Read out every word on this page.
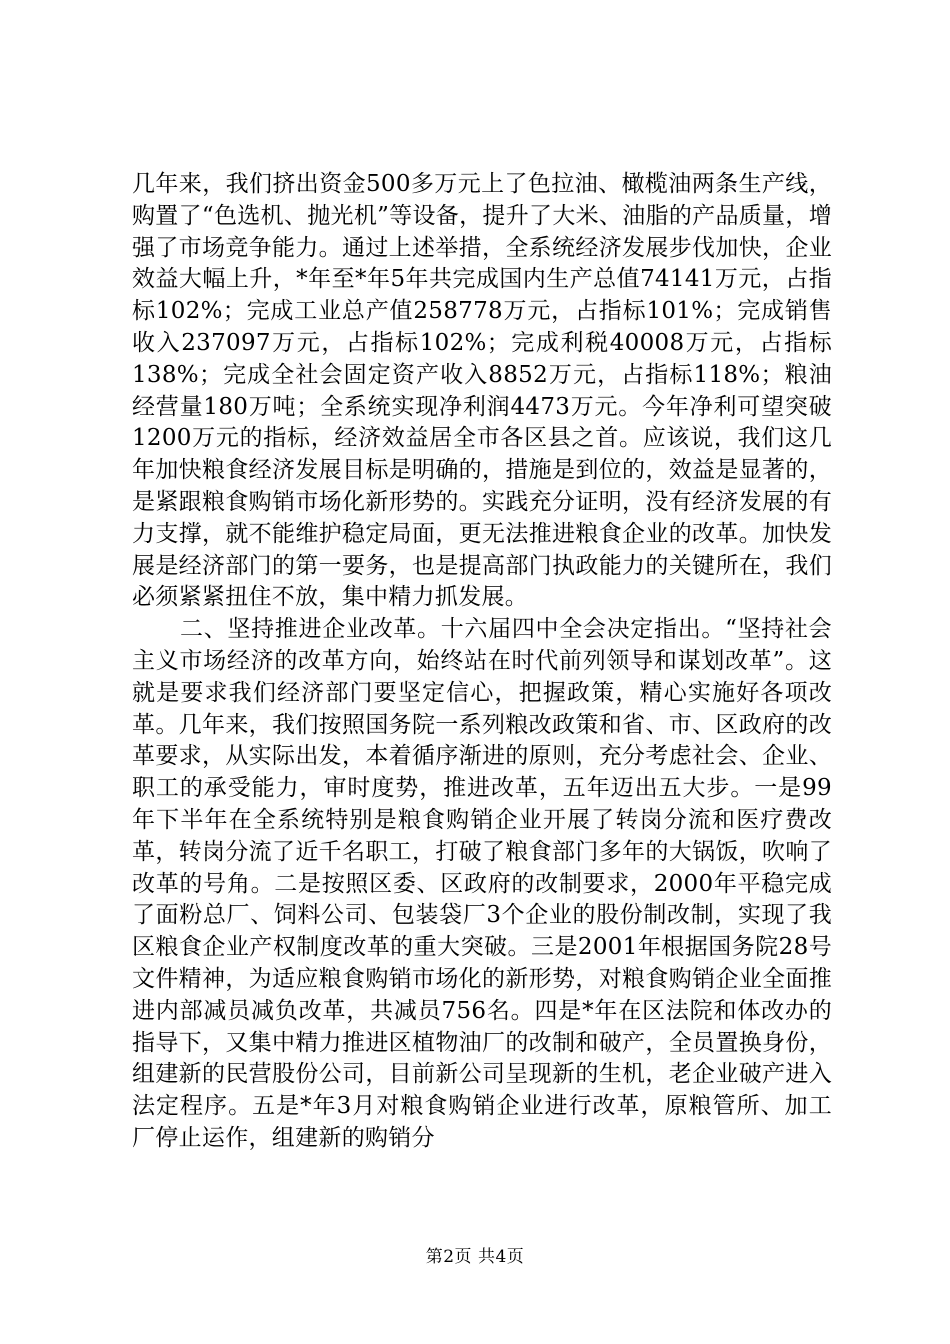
几年来，我们挤出资金500多万元上了色拉油、橄榄油两条生产线，购置了“色选机、抛光机”等设备，提升了大米、油脂的产品质量，增强了市场竞争能力。通过上述举措，全系统经济发展步伐加快，企业效益大幅上升，*年至*年5年共完成国内生产总值74141万元，占指标102%；完成工业总产值258778万元，占指标101%；完成销售收入237097万元，占指标102%；完成利税40008万元，占指标138%；完成全社会固定资产收入8852万元，占指标118%；粮油经营量180万吨；全系统实现净利润4473万元。今年净利可望突破1200万元的指标，经济效益居全市各区县之首。应该说，我们这几年加快粮食经济发展目标是明确的，措施是到位的，效益是显著的，是紧跟粮食购销市场化新形势的。实践充分证明，没有经济发展的有力支撑，就不能维护稳定局面，更无法推进粮食企业的改革。加快发展是经济部门的第一要务，也是提高部门执政能力的关键所在，我们必须紧紧扭住不放，集中精力抓发展。

二、坚持推进企业改革。十六届四中全会决定指出。“坚持社会主义市场经济的改革方向，始终站在时代前列领导和谋划改革”。这就是要求我们经济部门要坚定信心，把握政策，精心实施好各项改革。几年来，我们按照国务院一系列粮改政策和省、市、区政府的改革要求，从实际出发，本着循序渐进的原则，充分考虑社会、企业、职工的承受能力，审时度势，推进改革，五年迈出五大步。一是99年下半年在全系统特别是粮食购销企业开展了转岗分流和医疗费改革，转岗分流了近千名职工，打破了粮食部门多年的大锅饭，吹响了改革的号角。二是按照区委、区政府的改制要求，2000年平稳完成了面粉总厂、饲料公司、包装袋厂3个企业的股份制改制，实现了我区粮食企业产权制度改革的重大突破。三是2001年根据国务院28号文件精神，为适应粮食购销市场化的新形势，对粮食购销企业全面推进内部减员减负改革，共减员756名。四是*年在区法院和体改办的指导下，又集中精力推进区植物油厂的改制和破产，全员置换身份，组建新的民营股份公司，目前新公司呈现新的生机，老企业破产进入法定程序。五是*年3月对粮食购销企业进行改革，原粮管所、加工厂停止运作，组建新的购销分

第2页 共4页
